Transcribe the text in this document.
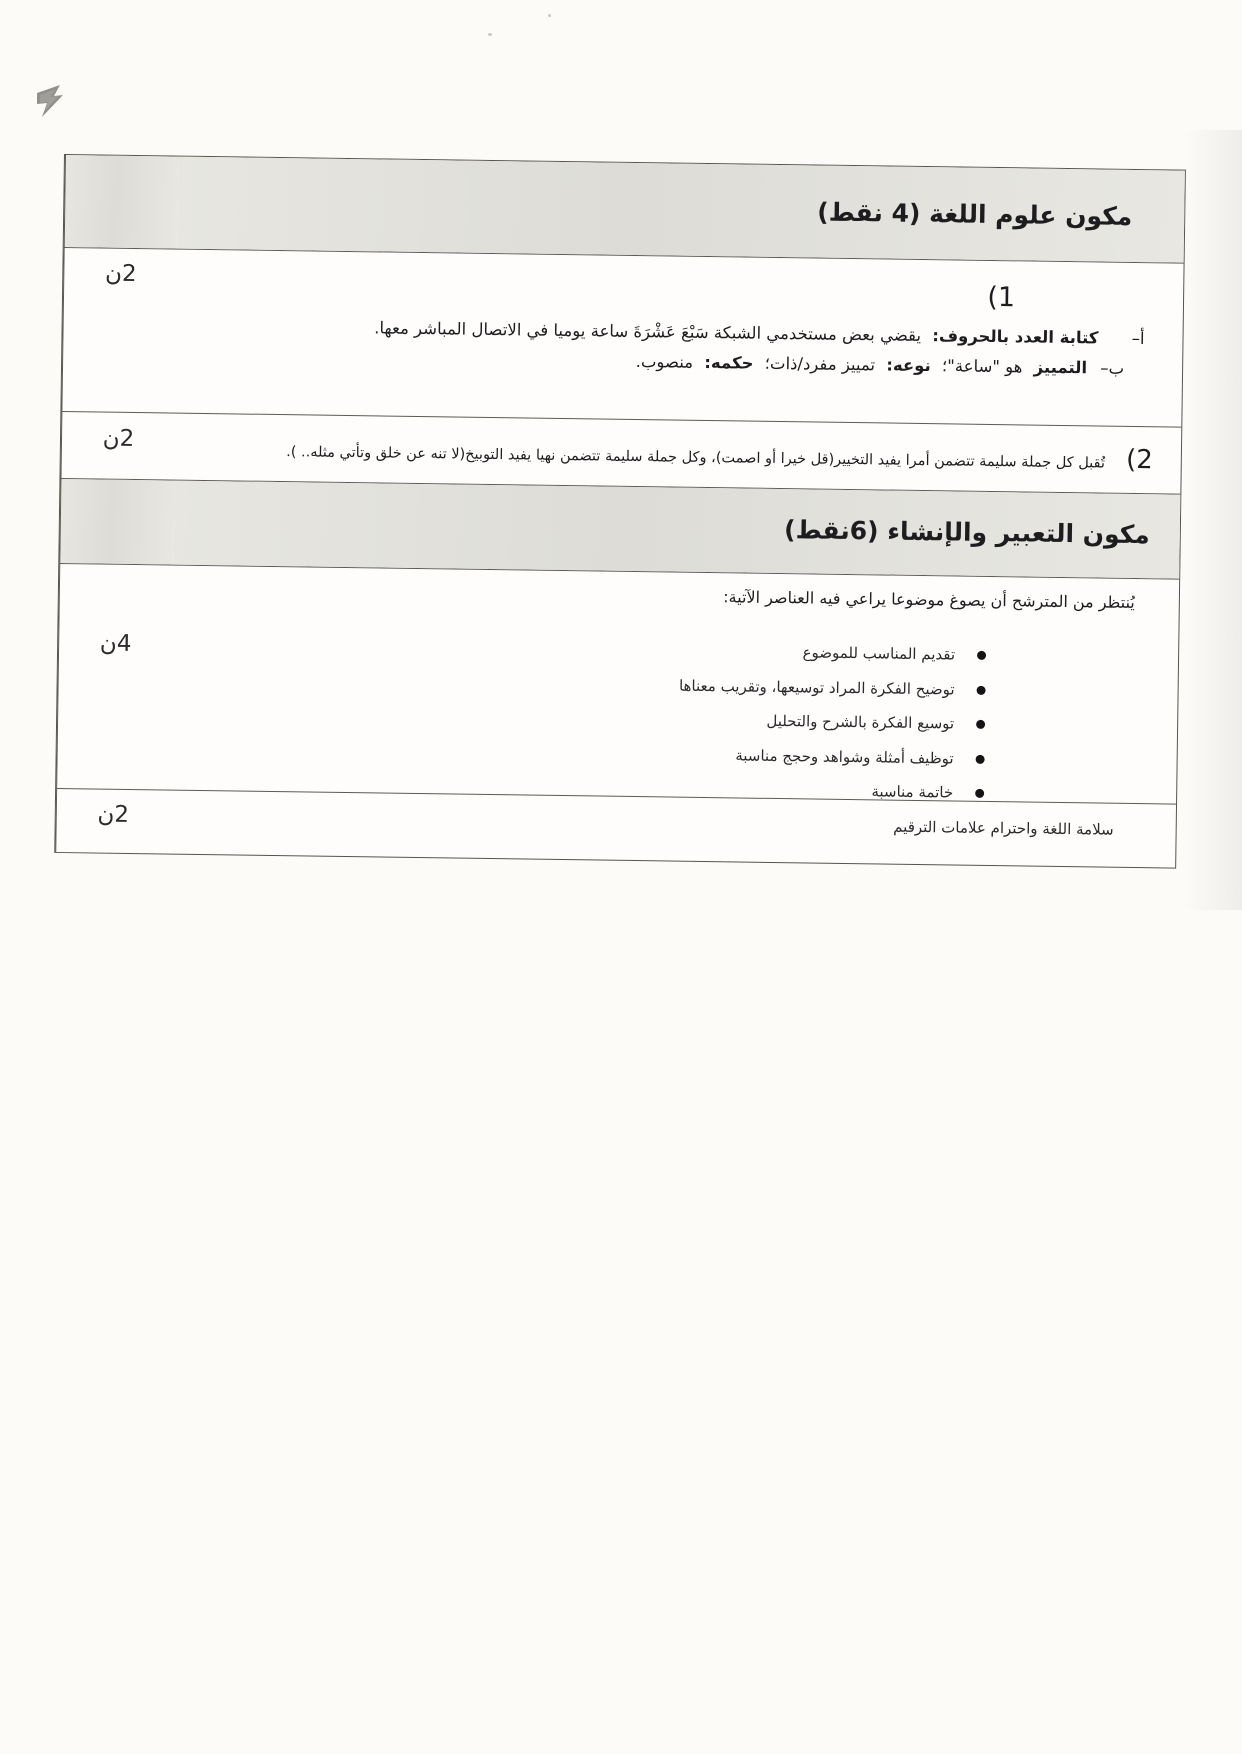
مكون علوم اللغة (4 نقط)
2ن
1)
أ– كتابة العدد بالحروف: يقضي بعض مستخدمي الشبكة سَبْعَ عَشْرَةَ ساعة يوميا في الاتصال المباشر معها.
ب– التمييز هو "ساعة"؛ نوعه: تمييز مفرد/ذات؛ حكمه: منصوب.
2ن
2) تُقبل كل جملة سليمة تتضمن أمرا يفيد التخيير(قل خيرا أو اصمت)، وكل جملة سليمة تتضمن نهيا يفيد التوبيخ(لا تنه عن خلق وتأتي مثله.. ).
مكون التعبير والإنشاء (6نقط)
4ن
يُنتظر من المترشح أن يصوغ موضوعا يراعي فيه العناصر الآتية:
تقديم المناسب للموضوع
توضيح الفكرة المراد توسيعها، وتقريب معناها
توسيع الفكرة بالشرح والتحليل
توظيف أمثلة وشواهد وحجج مناسبة
خاتمة مناسبة
2ن
سلامة اللغة واحترام علامات الترقيم
